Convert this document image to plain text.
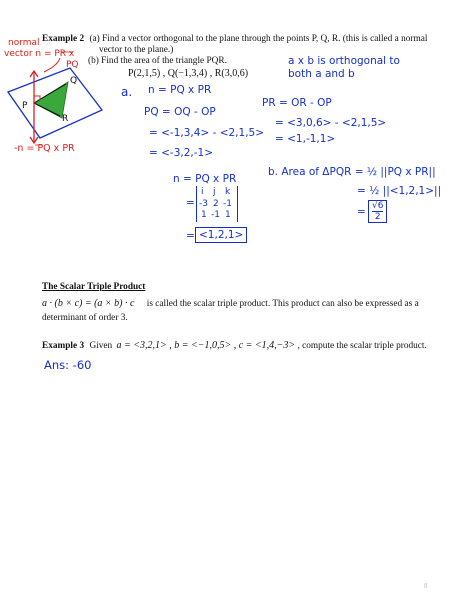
Example 2 (a) Find a vector orthogonal to the plane through the points P, Q, R. (this is called a normal
vector to the plane.)
(b) Find the area of the triangle PQR.
P(2,1,5) , Q(−1,3,4) , R(3,0,6)
normal
vector n = PR x
PQ
P
Q
R
-n = PQ x PR
a x b is orthogonal to
both a and b
a. n = PQ x PR
PQ = OQ - OP
= <-1,3,4> - <2,1,5>
= <-3,2,-1>
PR = OR - OP
= <3,0,6> - <2,1,5>
= <1,-1,1>
n = PQ x PR
=
i j k
-3 2 -1
1 -1 1
= <1,2,1>
b. Area of ΔPQR = ½ ||PQ x PR||
= ½ ||<1,2,1>||
= $\frac{√6}{2}$
The Scalar Triple Product
a · (b × c) = (a × b) · c is called the scalar triple product. This product can also be expressed as a
determinant of order 3.
Example 3 Given a = <3,2,1> , b = <−1,0,5> , c = <1,4,−3> , compute the scalar triple product.
Ans: -60
8
